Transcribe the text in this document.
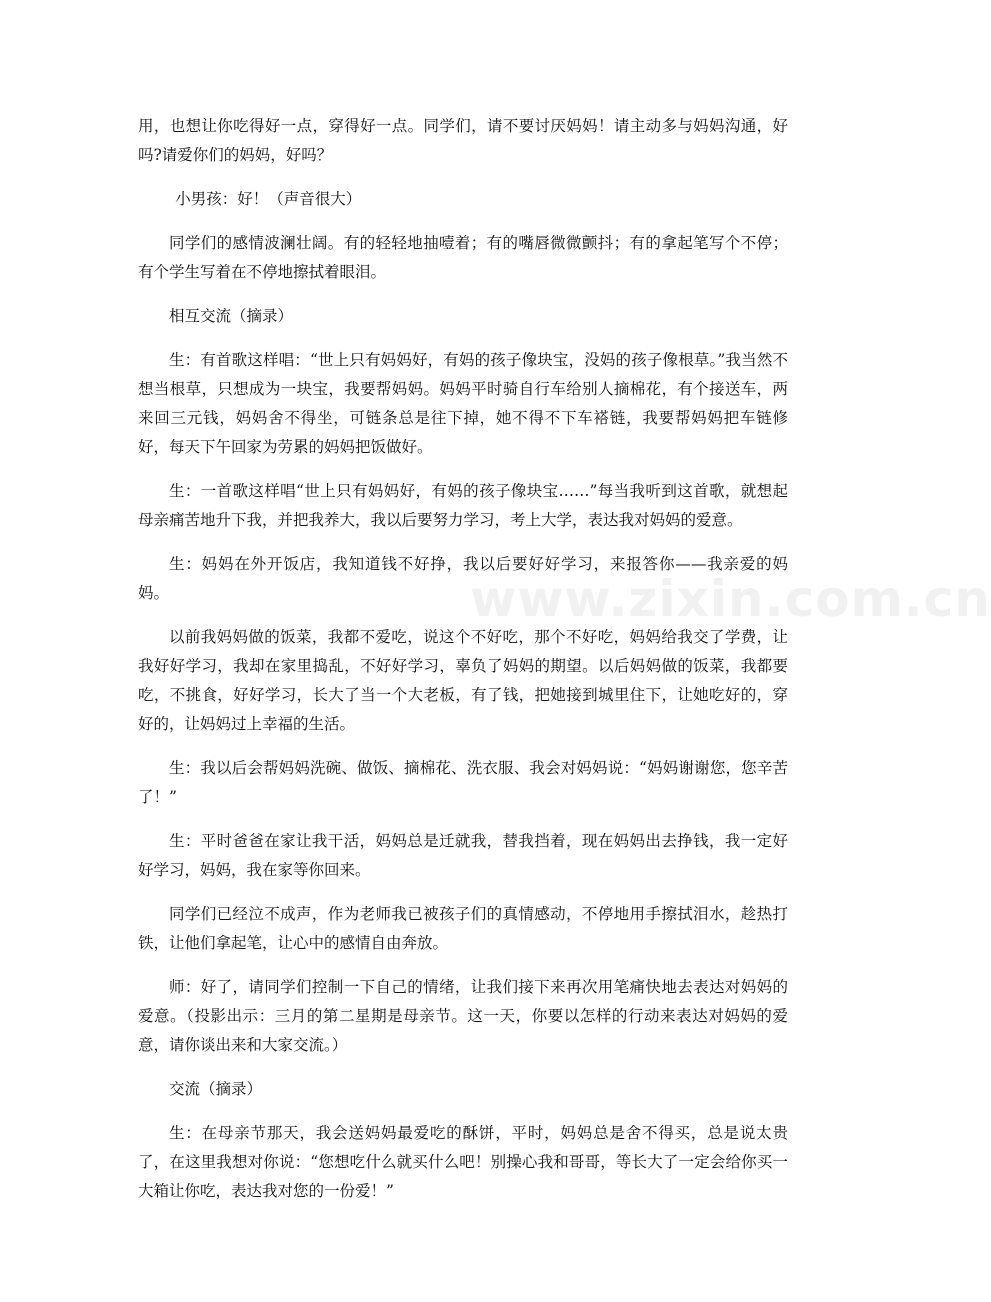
www.zixin.com.cn

用，也想让你吃得好一点，穿得好一点。同学们，请不要讨厌妈妈！请主动多与妈妈沟通，好吗?请爱你们的妈妈，好吗？

小男孩：好！（声音很大）

同学们的感情波澜壮阔。有的轻轻地抽噎着；有的嘴唇微微颤抖；有的拿起笔写个不停；有个学生写着在不停地擦拭着眼泪。

相互交流（摘录）

生：有首歌这样唱：“世上只有妈妈好，有妈的孩子像块宝，没妈的孩子像根草。”我当然不想当根草，只想成为一块宝，我要帮妈妈。妈妈平时骑自行车给别人摘棉花，有个接送车，两来回三元钱，妈妈舍不得坐，可链条总是往下掉，她不得不下车褡链，我要帮妈妈把车链修好，每天下午回家为劳累的妈妈把饭做好。

生：一首歌这样唱“世上只有妈妈好，有妈的孩子像块宝……”每当我听到这首歌，就想起母亲痛苦地升下我，并把我养大，我以后要努力学习，考上大学，表达我对妈妈的爱意。

生：妈妈在外开饭店，我知道钱不好挣，我以后要好好学习，来报答你——我亲爱的妈妈。

以前我妈妈做的饭菜，我都不爱吃，说这个不好吃，那个不好吃，妈妈给我交了学费，让我好好学习，我却在家里捣乱，不好好学习，辜负了妈妈的期望。以后妈妈做的饭菜，我都要吃，不挑食，好好学习，长大了当一个大老板，有了钱，把她接到城里住下，让她吃好的，穿好的，让妈妈过上幸福的生活。

生：我以后会帮妈妈洗碗、做饭、摘棉花、洗衣服、我会对妈妈说：“妈妈谢谢您，您辛苦了！”

生：平时爸爸在家让我干活，妈妈总是迁就我，替我挡着，现在妈妈出去挣钱，我一定好好学习，妈妈，我在家等你回来。

同学们已经泣不成声，作为老师我已被孩子们的真情感动，不停地用手擦拭泪水，趁热打铁，让他们拿起笔，让心中的感情自由奔放。

师：好了，请同学们控制一下自己的情绪，让我们接下来再次用笔痛快地去表达对妈妈的爱意。（投影出示：三月的第二星期是母亲节。这一天，你要以怎样的行动来表达对妈妈的爱意，请你谈出来和大家交流。）

交流（摘录）

生：在母亲节那天，我会送妈妈最爱吃的酥饼，平时，妈妈总是舍不得买，总是说太贵了，在这里我想对你说：“您想吃什么就买什么吧！别操心我和哥哥，等长大了一定会给你买一大箱让你吃，表达我对您的一份爱！”
